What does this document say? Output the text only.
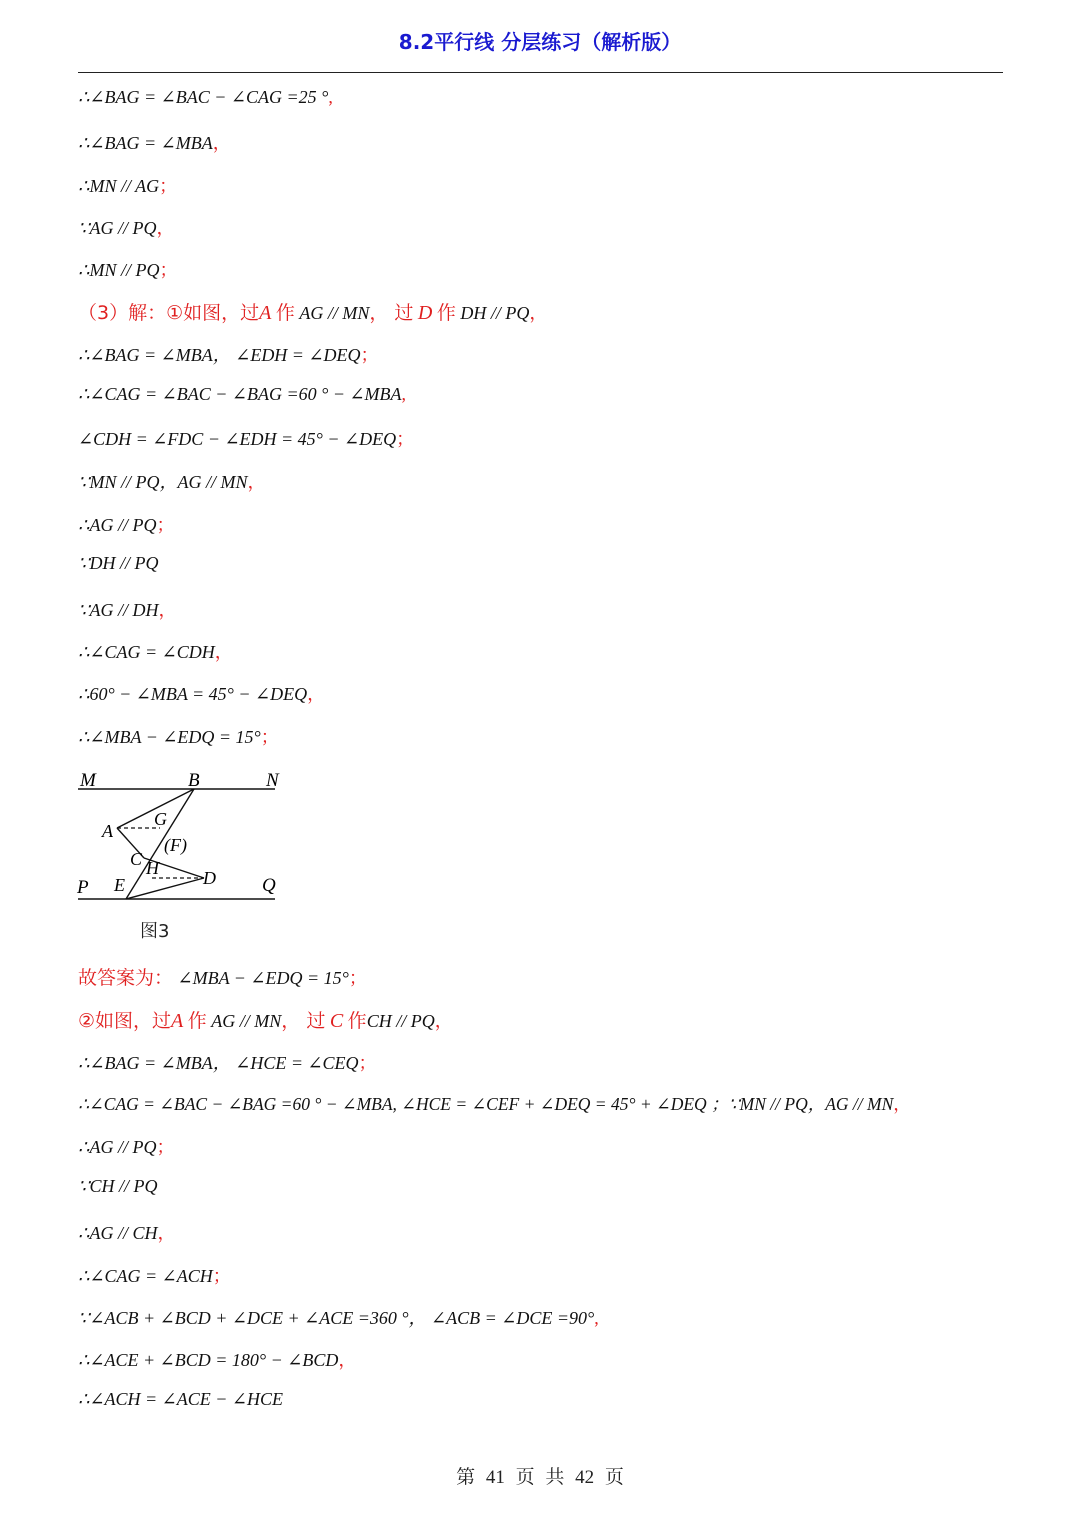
8.2平行线 分层练习（解析版）
∴∠BAG = ∠BAC − ∠CAG =25 °,
∴∠BAG = ∠MBA，
∴MN // AG；
∵AG // PQ，
∴MN // PQ；
（3）解：①如图，过A 作 AG // MN， 过 D 作 DH // PQ，
∴∠BAG = ∠MBA， ∠EDH = ∠DEQ；
∴∠CAG = ∠BAC − ∠BAG =60 ° − ∠MBA,
∠CDH = ∠FDC − ∠EDH = 45° − ∠DEQ；
∵MN // PQ，AG // MN，
∴AG // PQ；
∵DH // PQ
∵AG // DH，
∴∠CAG = ∠CDH，
∴60° − ∠MBA = 45° − ∠DEQ，
∴∠MBA − ∠EDQ = 15°；
M	B	N
G
A
(F)
C H D
P E	Q
图3
故答案为： ∠MBA − ∠EDQ = 15°；
②如图，过A 作 AG // MN， 过 C 作CH // PQ，
∴∠BAG = ∠MBA， ∠HCE = ∠CEQ；
∴∠CAG = ∠BAC − ∠BAG =60 ° − ∠MBA, ∠HCE = ∠CEF + ∠DEQ = 45° + ∠DEQ ；∵MN // PQ，AG // MN，
∴AG // PQ；
∵CH // PQ
∴AG // CH，
∴∠CAG = ∠ACH；
∵∠ACB + ∠BCD + ∠DCE + ∠ACE =360 °， ∠ACB = ∠DCE =90°,
∴∠ACE + ∠BCD = 180° − ∠BCD，
∴∠ACH = ∠ACE − ∠HCE
第 41 页 共 42 页
